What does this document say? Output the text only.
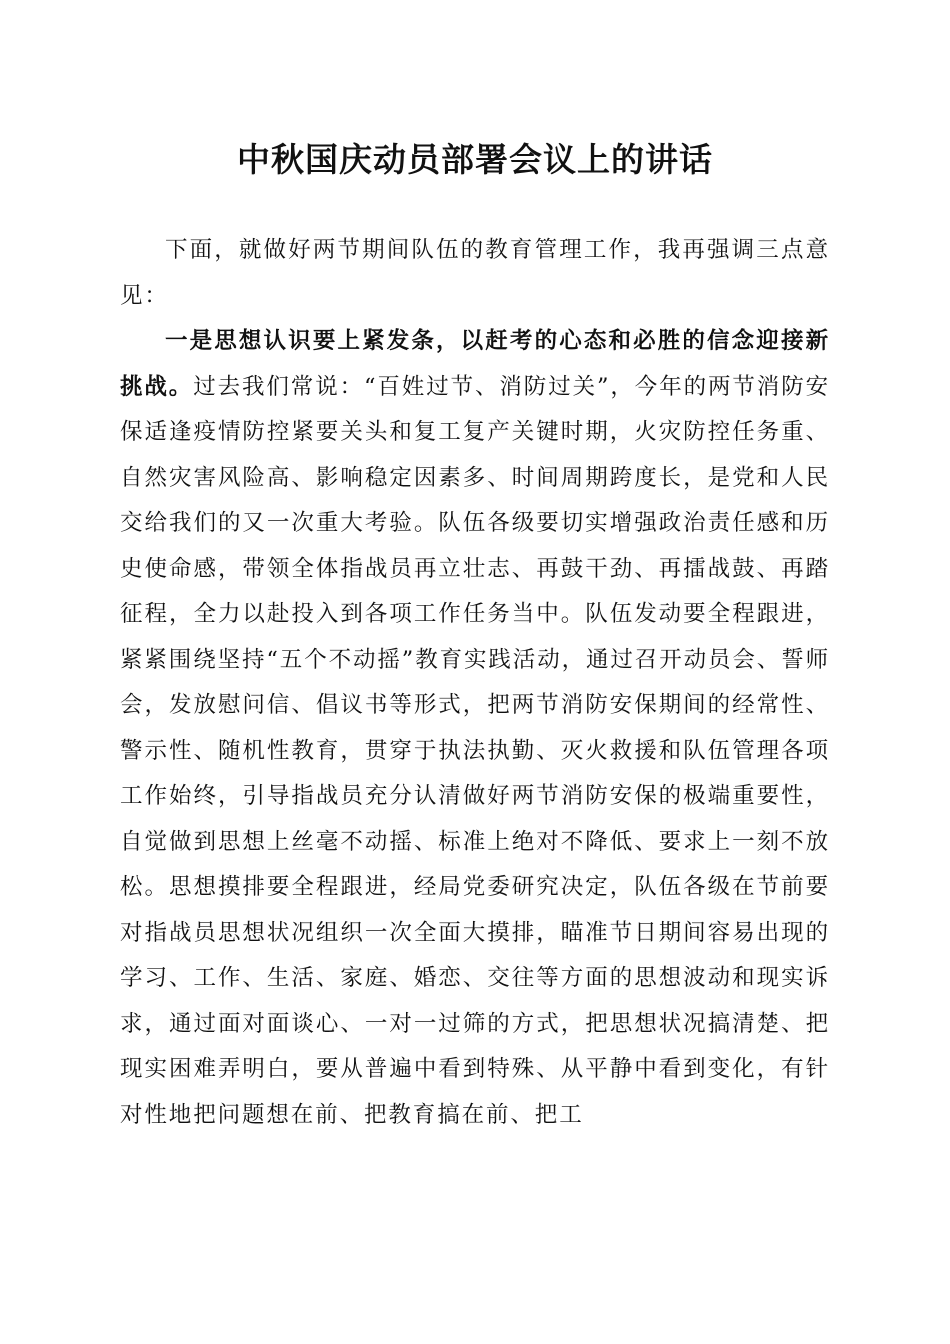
中秋国庆动员部署会议上的讲话

下面，就做好两节期间队伍的教育管理工作，我再强调三点意见：

一是思想认识要上紧发条，以赶考的心态和必胜的信念迎接新挑战。过去我们常说：“百姓过节、消防过关”，今年的两节消防安保适逢疫情防控紧要关头和复工复产关键时期，火灾防控任务重、自然灾害风险高、影响稳定因素多、时间周期跨度长，是党和人民交给我们的又一次重大考验。队伍各级要切实增强政治责任感和历史使命感，带领全体指战员再立壮志、再鼓干劲、再擂战鼓、再踏征程，全力以赴投入到各项工作任务当中。队伍发动要全程跟进，紧紧围绕坚持“五个不动摇”教育实践活动，通过召开动员会、誓师会，发放慰问信、倡议书等形式，把两节消防安保期间的经常性、警示性、随机性教育，贯穿于执法执勤、灭火救援和队伍管理各项工作始终，引导指战员充分认清做好两节消防安保的极端重要性，自觉做到思想上丝毫不动摇、标准上绝对不降低、要求上一刻不放松。思想摸排要全程跟进，经局党委研究决定，队伍各级在节前要对指战员思想状况组织一次全面大摸排，瞄准节日期间容易出现的学习、工作、生活、家庭、婚恋、交往等方面的思想波动和现实诉求，通过面对面谈心、一对一过筛的方式，把思想状况搞清楚、把现实困难弄明白，要从普遍中看到特殊、从平静中看到变化，有针对性地把问题想在前、把教育搞在前、把工
